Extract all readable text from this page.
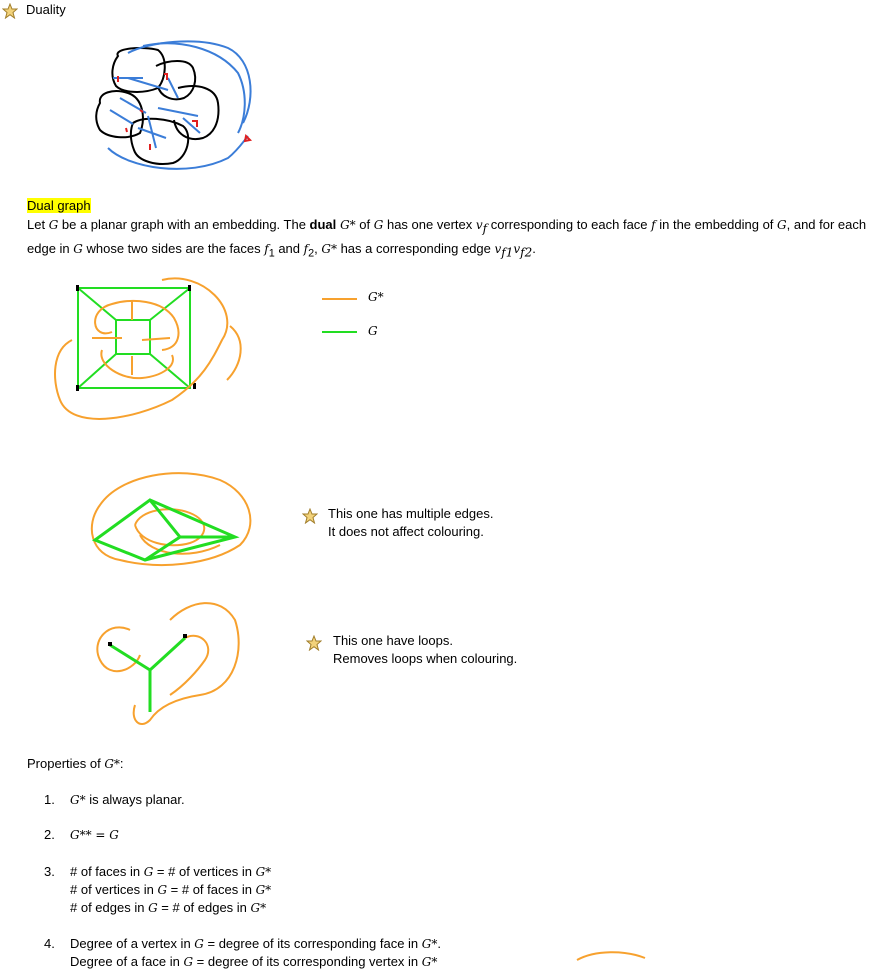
Duality
Dual graph
Let G be a planar graph with an embedding. The dual G* of G has one vertex $v_f$ corresponding to each face f in the embedding of G, and for each edge in G whose two sides are the faces $f_1$ and $f_2$, G* has a corresponding edge $v_{f1}v_{f2}$.
G*
G
This one has multiple edges.
It does not affect colouring.
This one have loops.
Removes loops when colouring.
Properties of G*:
1. G* is always planar.
2. G** = G
3. # of faces in G = # of vertices in G*
# of vertices in G = # of faces in G*
# of edges in G = # of edges in G*
4. Degree of a vertex in G = degree of its corresponding face in G*.
Degree of a face in G = degree of its corresponding vertex in G*
